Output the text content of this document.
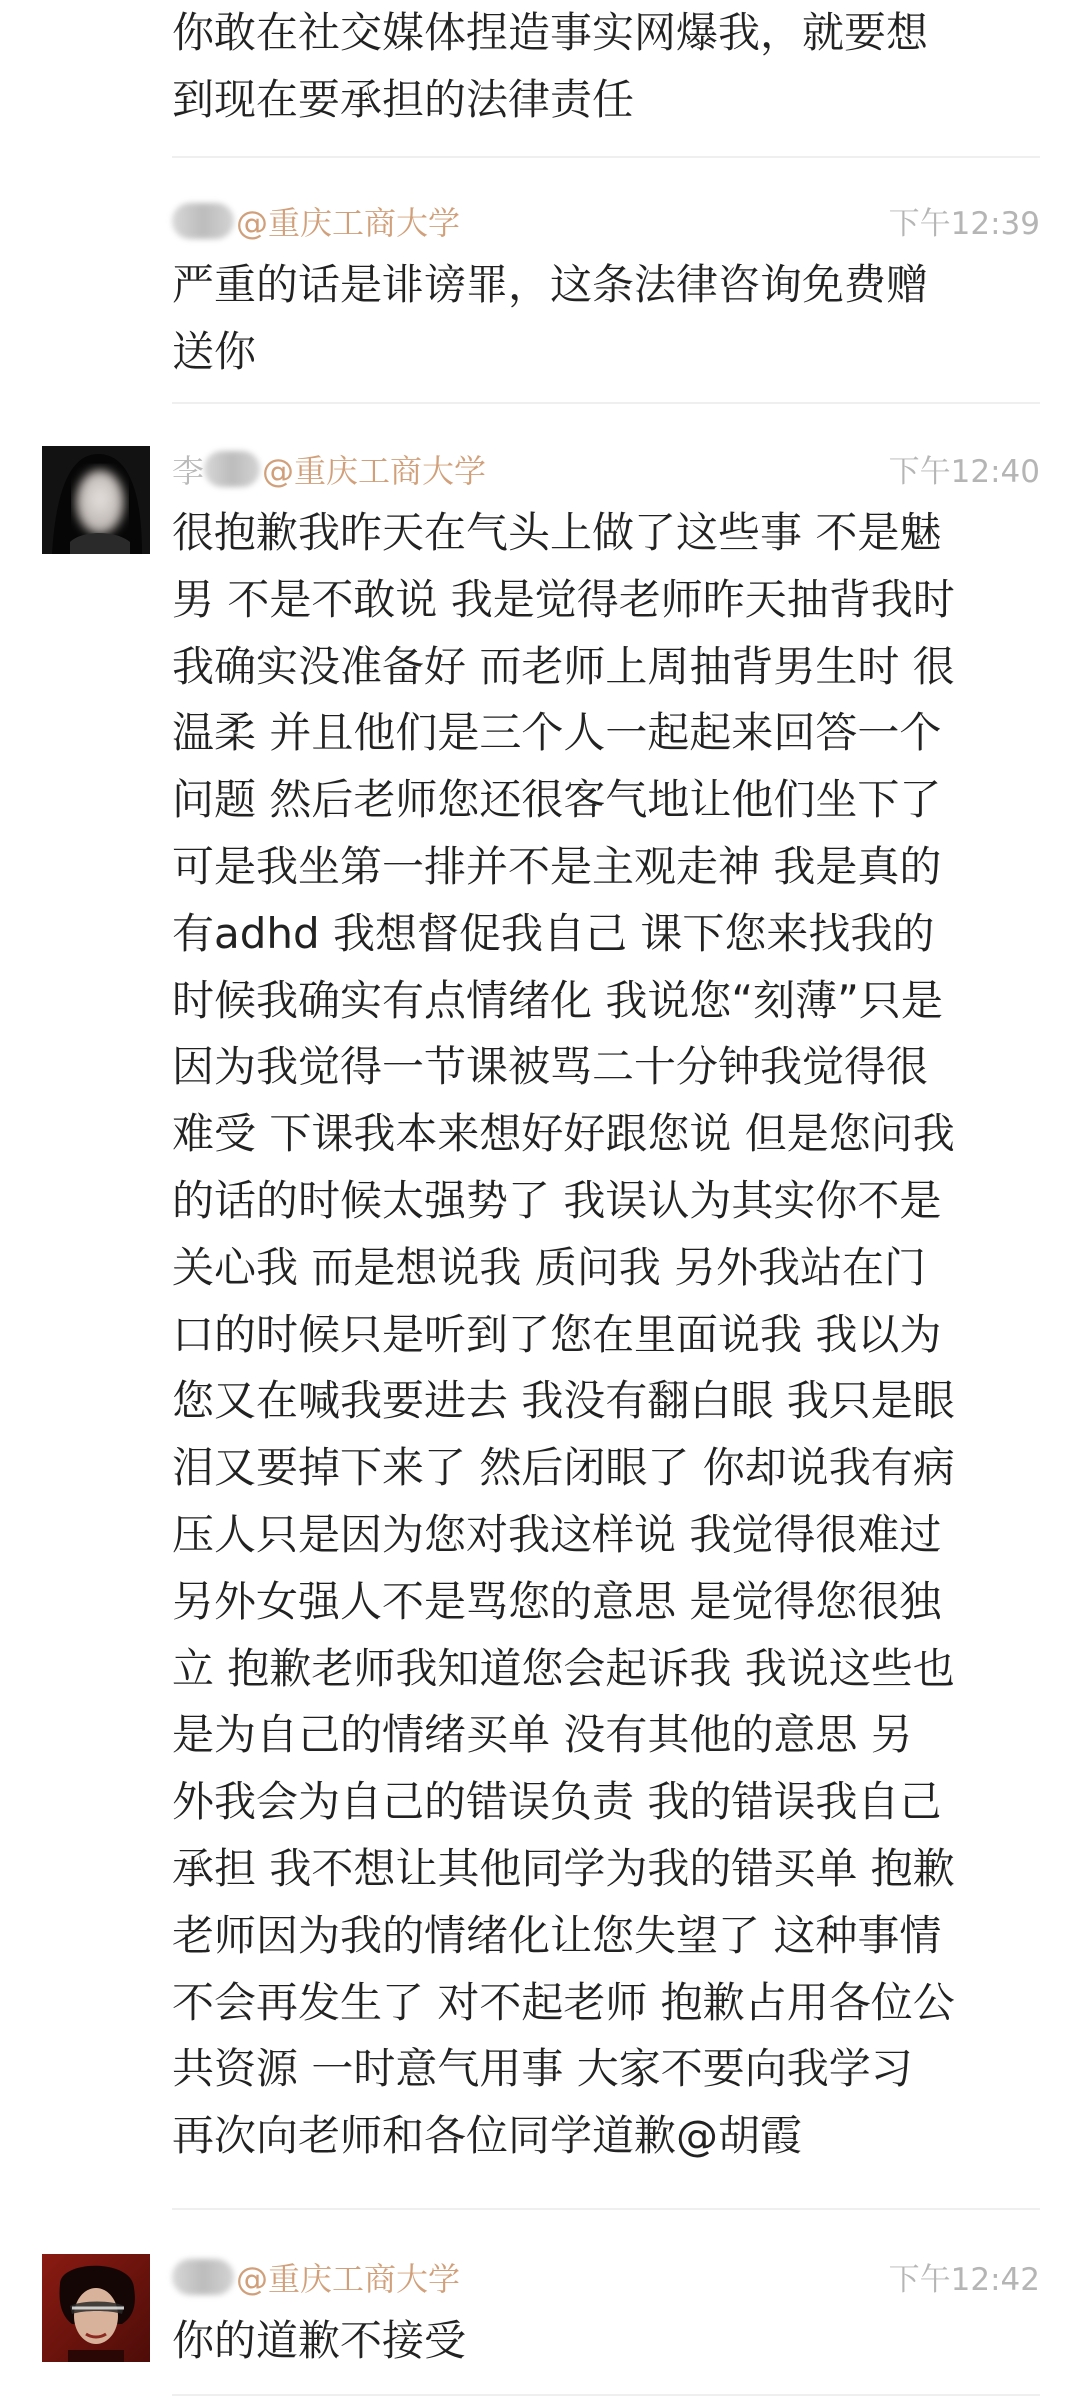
你敢在社交媒体捏造事实网爆我，就要想
到现在要承担的法律责任
@重庆工商大学	下午12:39
严重的话是诽谤罪，这条法律咨询免费赠
送你
李 @重庆工商大学	下午12:40
很抱歉我昨天在气头上做了这些事 不是魅
男 不是不敢说 我是觉得老师昨天抽背我时
我确实没准备好 而老师上周抽背男生时 很
温柔 并且他们是三个人一起起来回答一个
问题 然后老师您还很客气地让他们坐下了
可是我坐第一排并不是主观走神 我是真的
有adhd 我想督促我自己 课下您来找我的
时候我确实有点情绪化 我说您“刻薄”只是
因为我觉得一节课被骂二十分钟我觉得很
难受 下课我本来想好好跟您说 但是您问我
的话的时候太强势了 我误认为其实你不是
关心我 而是想说我 质问我 另外我站在门
口的时候只是听到了您在里面说我 我以为
您又在喊我要进去 我没有翻白眼 我只是眼
泪又要掉下来了 然后闭眼了 你却说我有病
压人只是因为您对我这样说 我觉得很难过
另外女强人不是骂您的意思 是觉得您很独
立 抱歉老师我知道您会起诉我 我说这些也
是为自己的情绪买单 没有其他的意思 另
外我会为自己的错误负责 我的错误我自己
承担 我不想让其他同学为我的错买单 抱歉
老师因为我的情绪化让您失望了 这种事情
不会再发生了 对不起老师 抱歉占用各位公
共资源 一时意气用事 大家不要向我学习
再次向老师和各位同学道歉@胡霞
@重庆工商大学	下午12:42
你的道歉不接受
